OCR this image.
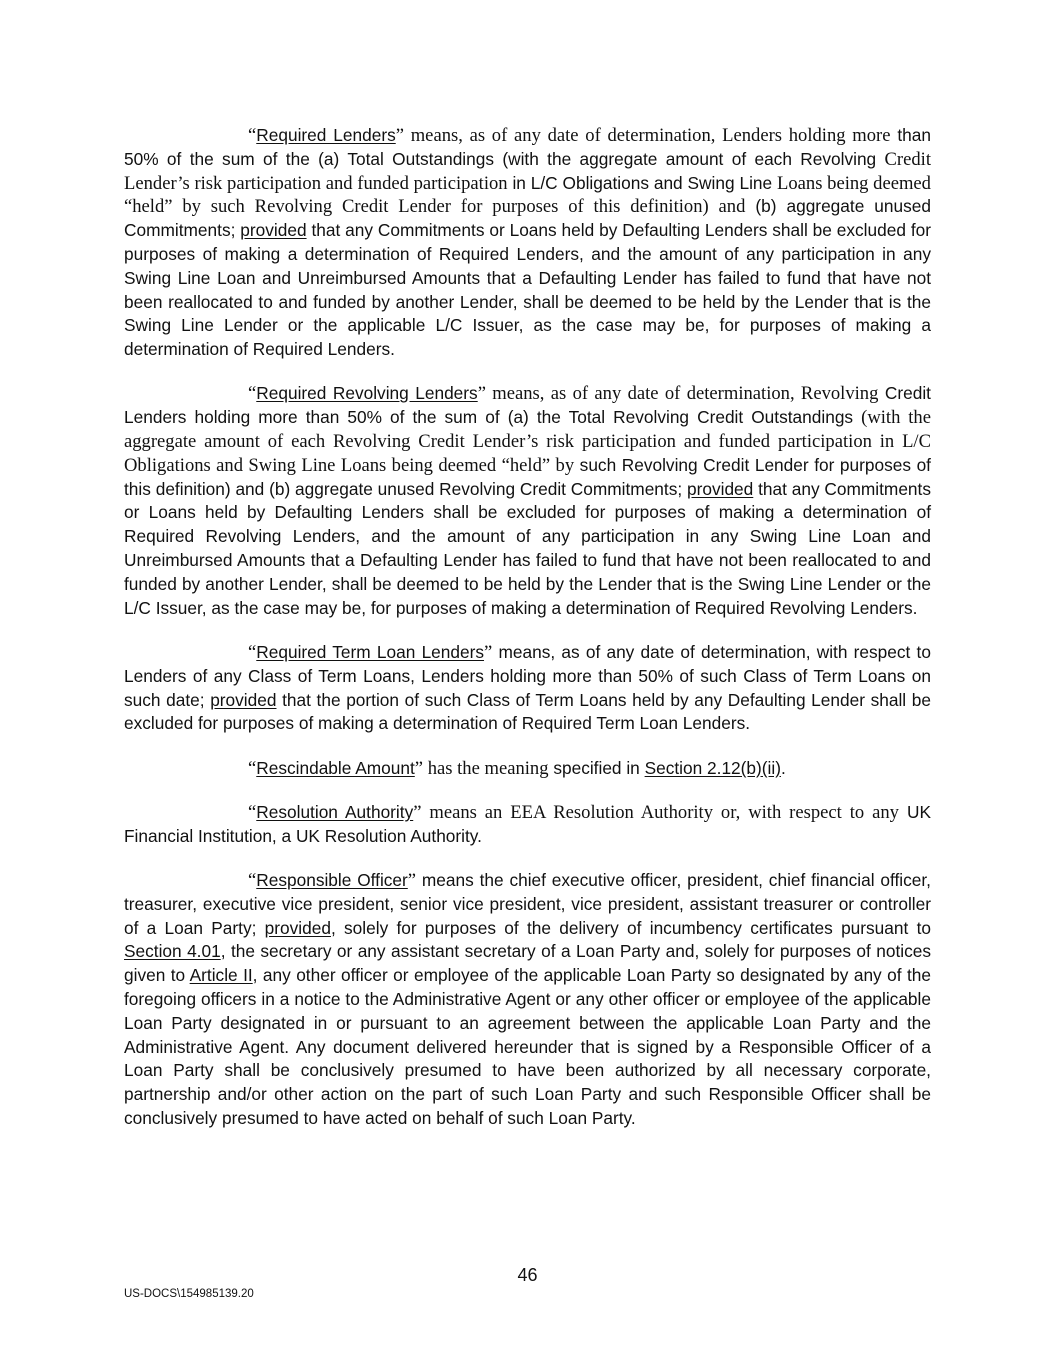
“Required Lenders” means, as of any date of determination, Lenders holding more than 50% of the sum of the (a) Total Outstandings (with the aggregate amount of each Revolving Credit Lender’s risk participation and funded participation in L/C Obligations and Swing Line Loans being deemed “held” by such Revolving Credit Lender for purposes of this definition) and (b) aggregate unused Commitments; provided that any Commitments or Loans held by Defaulting Lenders shall be excluded for purposes of making a determination of Required Lenders, and the amount of any participation in any Swing Line Loan and Unreimbursed Amounts that a Defaulting Lender has failed to fund that have not been reallocated to and funded by another Lender, shall be deemed to be held by the Lender that is the Swing Line Lender or the applicable L/C Issuer, as the case may be, for purposes of making a determination of Required Lenders.

“Required Revolving Lenders” means, as of any date of determination, Revolving Credit Lenders holding more than 50% of the sum of (a) the Total Revolving Credit Outstandings (with the aggregate amount of each Revolving Credit Lender’s risk participation and funded participation in L/C Obligations and Swing Line Loans being deemed “held” by such Revolving Credit Lender for purposes of this definition) and (b) aggregate unused Revolving Credit Commitments; provided that any Commitments or Loans held by Defaulting Lenders shall be excluded for purposes of making a determination of Required Revolving Lenders, and the amount of any participation in any Swing Line Loan and Unreimbursed Amounts that a Defaulting Lender has failed to fund that have not been reallocated to and funded by another Lender, shall be deemed to be held by the Lender that is the Swing Line Lender or the L/C Issuer, as the case may be, for purposes of making a determination of Required Revolving Lenders.

“Required Term Loan Lenders” means, as of any date of determination, with respect to Lenders of any Class of Term Loans, Lenders holding more than 50% of such Class of Term Loans on such date; provided that the portion of such Class of Term Loans held by any Defaulting Lender shall be excluded for purposes of making a determination of Required Term Loan Lenders.

“Rescindable Amount” has the meaning specified in Section 2.12(b)(ii).

“Resolution Authority” means an EEA Resolution Authority or, with respect to any UK Financial Institution, a UK Resolution Authority.

“Responsible Officer” means the chief executive officer, president, chief financial officer, treasurer, executive vice president, senior vice president, vice president, assistant treasurer or controller of a Loan Party; provided, solely for purposes of the delivery of incumbency certificates pursuant to Section 4.01, the secretary or any assistant secretary of a Loan Party and, solely for purposes of notices given to Article II, any other officer or employee of the applicable Loan Party so designated by any of the foregoing officers in a notice to the Administrative Agent or any other officer or employee of the applicable Loan Party designated in or pursuant to an agreement between the applicable Loan Party and the Administrative Agent. Any document delivered hereunder that is signed by a Responsible Officer of a Loan Party shall be conclusively presumed to have been authorized by all necessary corporate, partnership and/or other action on the part of such Loan Party and such Responsible Officer shall be conclusively presumed to have acted on behalf of such Loan Party.

46
US-DOCS\154985139.20
